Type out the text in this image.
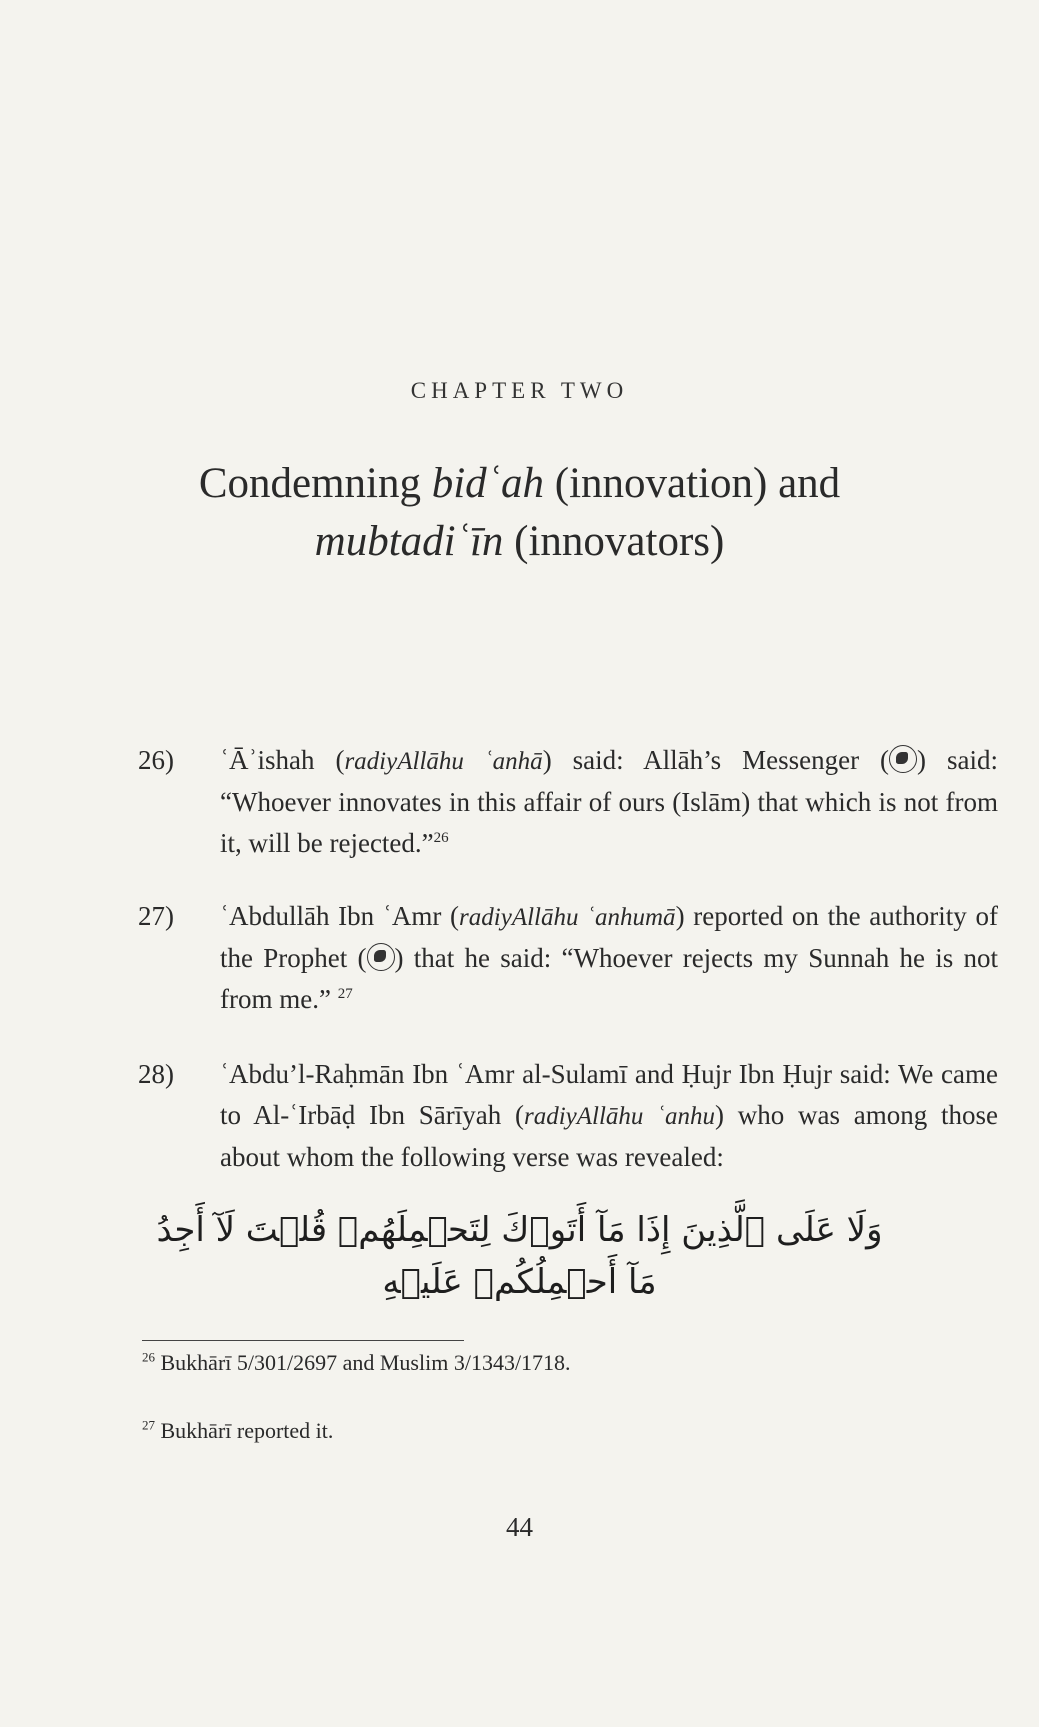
CHAPTER TWO
Condemning bidʿah (innovation) and
mubtadiʿīn (innovators)
26) ʿĀʾishah (radiyAllāhu ʿanhā) said: Allāh’s Messenger ( ) said: “Whoever innovates in this affair of ours (Islām) that which is not from it, will be rejected.”$^{26}$
27) ʿAbdullāh Ibn ʿAmr (radiyAllāhu ʿanhumā) reported on the authority of the Prophet ( ) that he said: “Whoever rejects my Sunnah he is not from me.” $^{27}$
28) ʿAbdu’l-Raḥmān Ibn ʿAmr al-Sulamī and Ḥujr Ibn Ḥujr said: We came to Al-ʿIrbāḍ Ibn Sārīyah (radiyAllāhu ʿanhu) who was among those about whom the following verse was revealed:
وَلَا عَلَى ٱلَّذِينَ إِذَا مَآ أَتَوۡكَ لِتَحۡمِلَهُمۡ قُلۡتَ لَآ أَجِدُ
مَآ أَحۡمِلُكُمۡ عَلَيۡهِ
$^{26}$ Bukhārī 5/301/2697 and Muslim 3/1343/1718.
$^{27}$ Bukhārī reported it.
44
